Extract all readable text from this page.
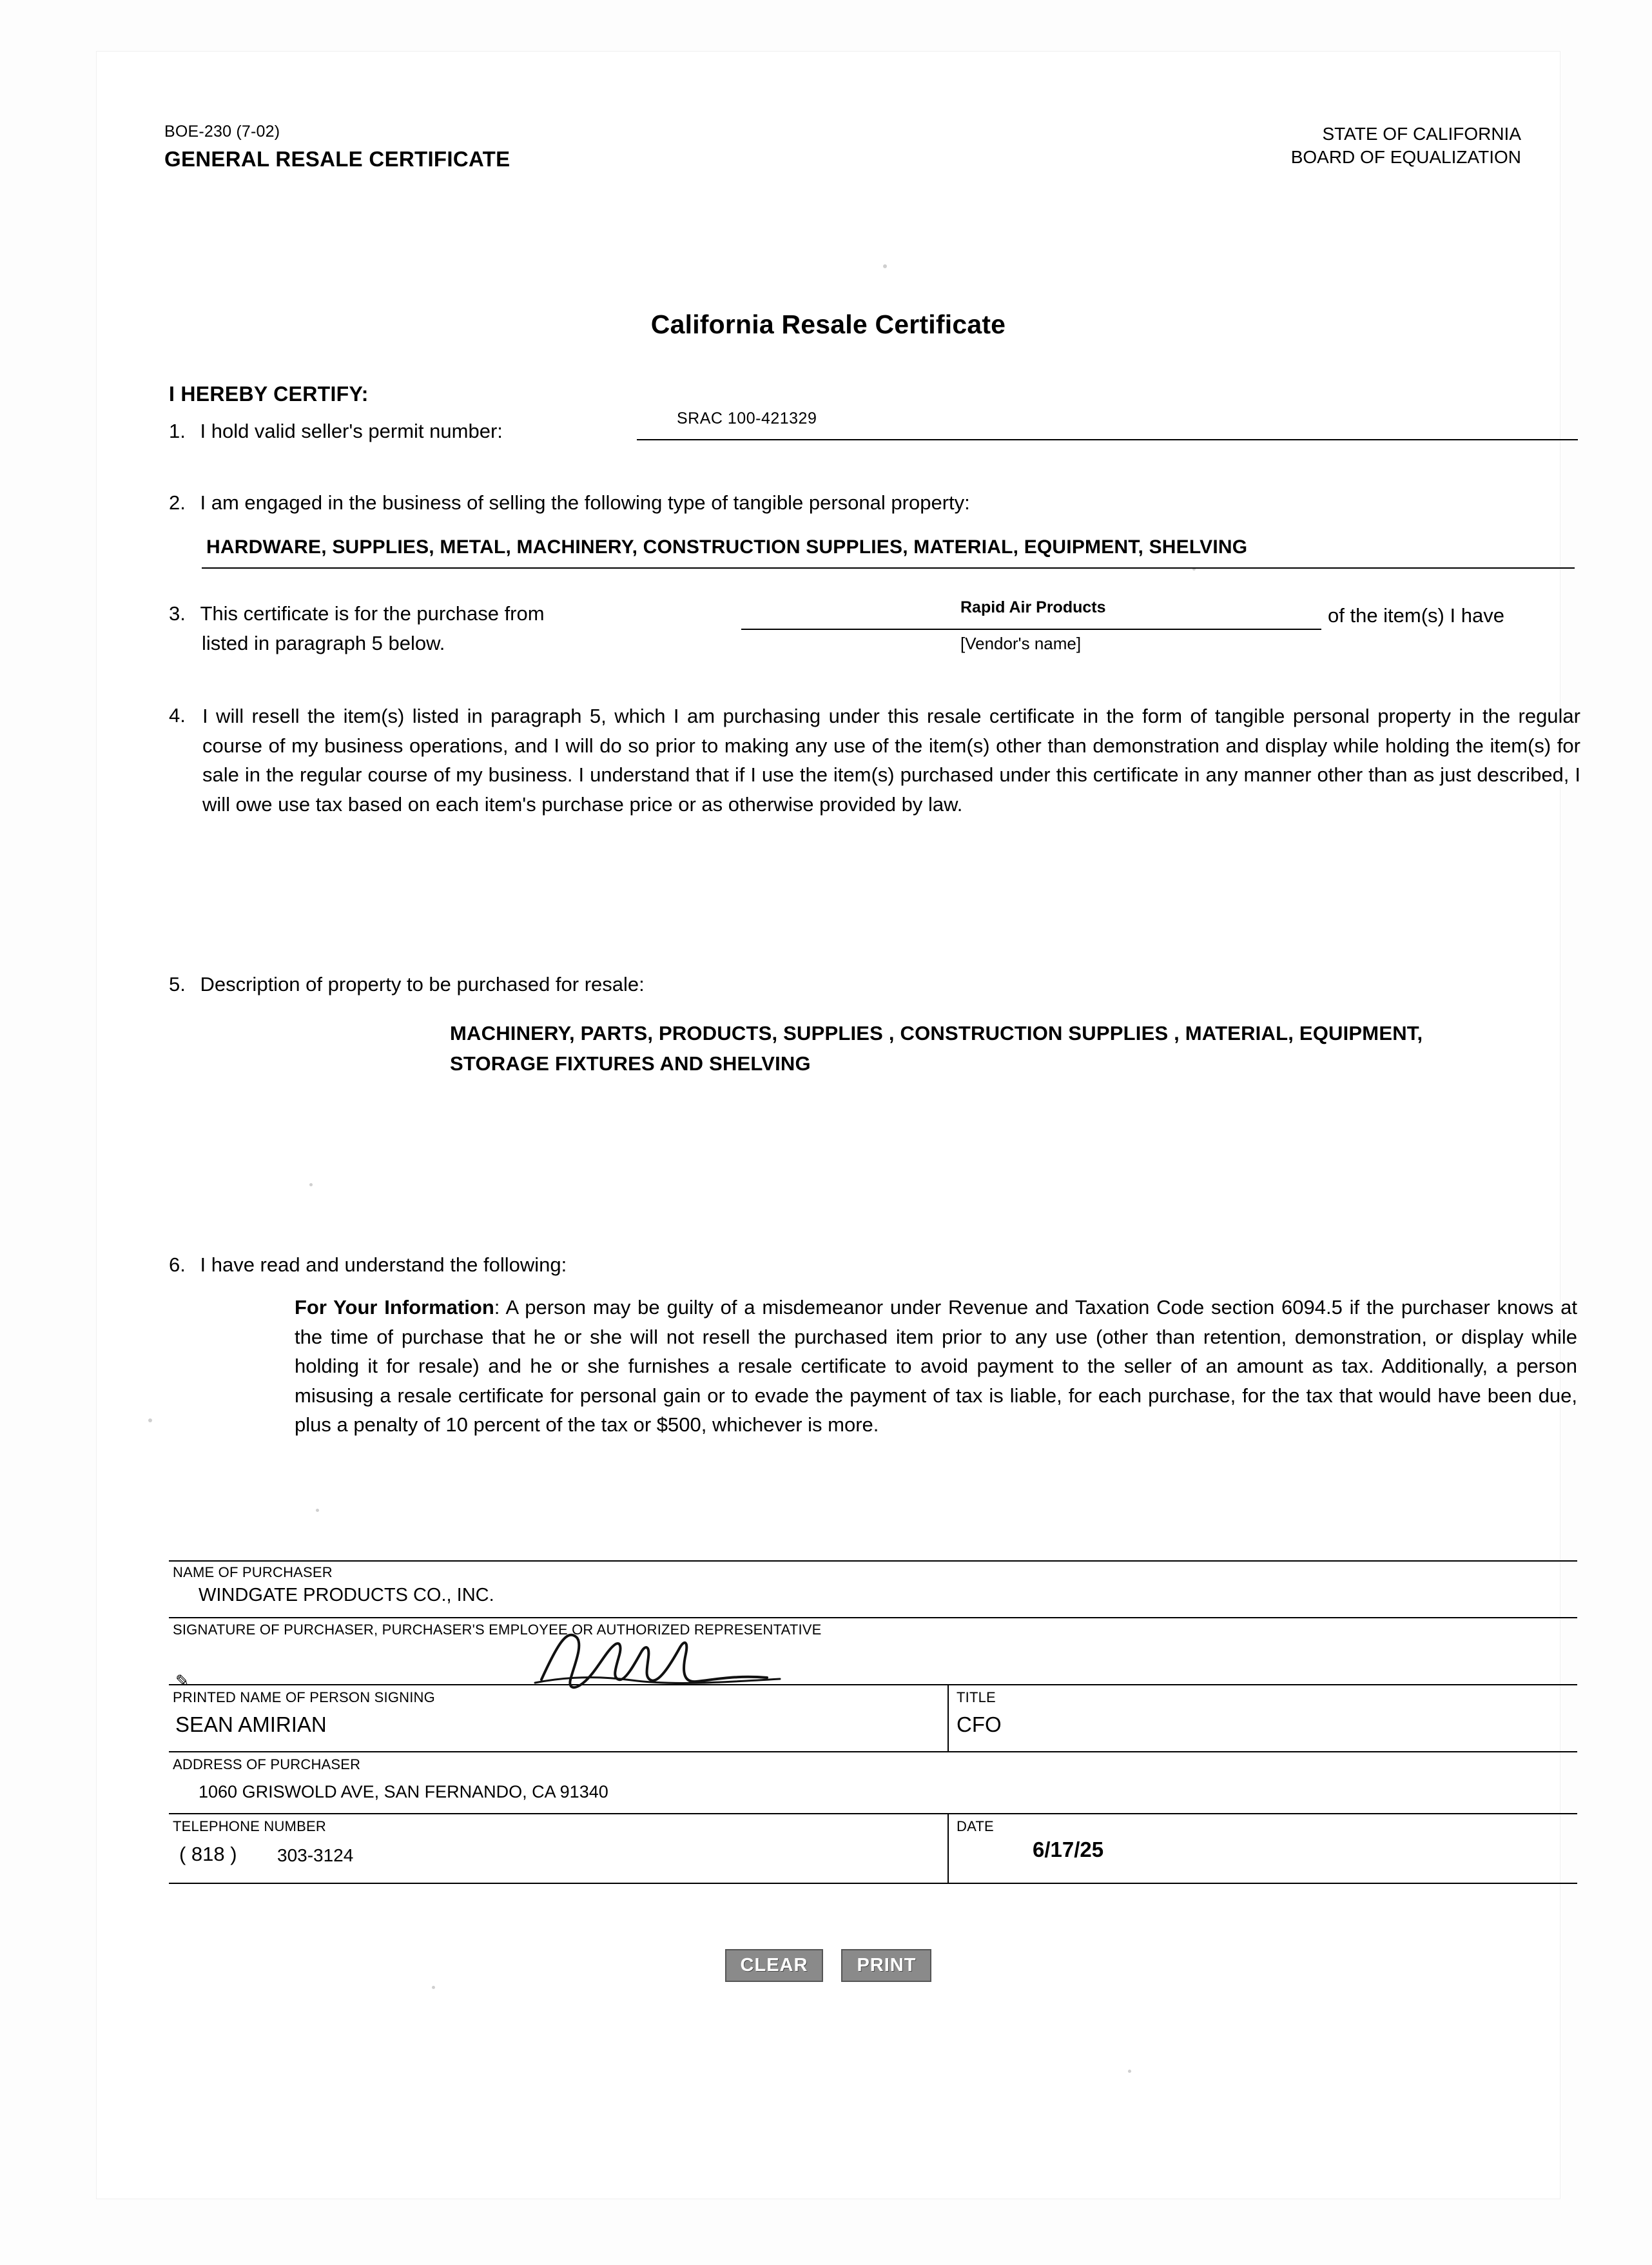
BOE-230 (7-02)
GENERAL RESALE CERTIFICATE
STATE OF CALIFORNIA
BOARD OF EQUALIZATION
California Resale Certificate
I HEREBY CERTIFY:
1. I hold valid seller's permit number:
SRAC 100-421329
2. I am engaged in the business of selling the following type of tangible personal property:
HARDWARE, SUPPLIES, METAL, MACHINERY, CONSTRUCTION SUPPLIES, MATERIAL, EQUIPMENT, SHELVING
3. This certificate is for the purchase from	Rapid Air Products
[Vendor's name]
of the item(s) I have
listed in paragraph 5 below.
4. I will resell the item(s) listed in paragraph 5, which I am purchasing under this resale certificate in the form of tangible personal property in the regular course of my business operations, and I will do so prior to making any use of the item(s) other than demonstration and display while holding the item(s) for sale in the regular course of my business. I understand that if I use the item(s) purchased under this certificate in any manner other than as just described, I will owe use tax based on each item's purchase price or as otherwise provided by law.

5. Description of property to be purchased for resale:
MACHINERY, PARTS, PRODUCTS, SUPPLIES , CONSTRUCTION SUPPLIES , MATERIAL, EQUIPMENT,
STORAGE FIXTURES AND SHELVING
6. I have read and understand the following:
For Your Information: A person may be guilty of a misdemeanor under Revenue and Taxation Code section 6094.5 if the purchaser knows at the time of purchase that he or she will not resell the purchased item prior to any use (other than retention, demonstration, or display while holding it for resale) and he or she furnishes a resale certificate to avoid payment to the seller of an amount as tax. Additionally, a person misusing a resale certificate for personal gain or to evade the payment of tax is liable, for each purchase, for the tax that would have been due, plus a penalty of 10 percent of the tax or $500, whichever is more.
NAME OF PURCHASER
WINDGATE PRODUCTS CO., INC.
SIGNATURE OF PURCHASER, PURCHASER'S EMPLOYEE OR AUTHORIZED REPRESENTATIVE
PRINTED NAME OF PERSON SIGNING
SEAN AMIRIAN
TITLE
CFO
ADDRESS OF PURCHASER
1060 GRISWOLD AVE, SAN FERNANDO, CA 91340
TELEPHONE NUMBER
( 818 ) 303-3124
DATE
6/17/25
✎
CLEAR	PRINT
